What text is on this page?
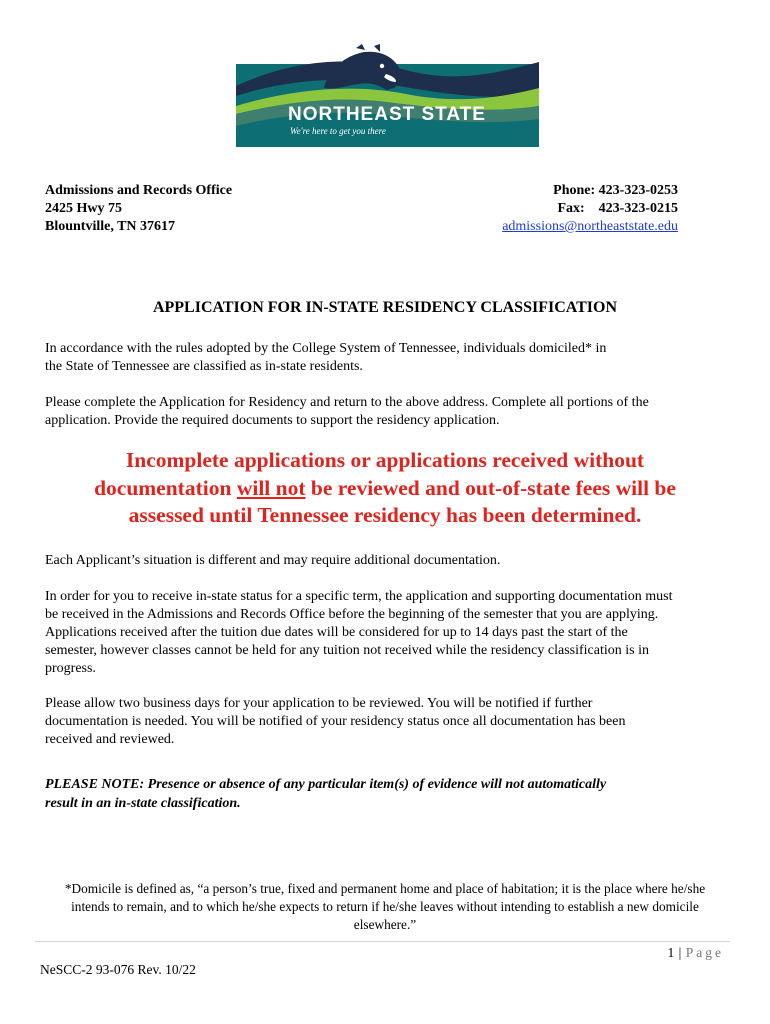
NORTHEAST STATE
We're here to get you there
Admissions and Records Office
2425 Hwy 75
Blountville, TN 37617
Phone: 423-323-0253
Fax: 423-323-0215
admissions@northeaststate.edu
APPLICATION FOR IN-STATE RESIDENCY CLASSIFICATION
In accordance with the rules adopted by the College System of Tennessee, individuals domiciled* in
the State of Tennessee are classified as in-state residents.
Please complete the Application for Residency and return to the above address. Complete all portions of the
application. Provide the required documents to support the residency application.
Incomplete applications or applications received without
documentation will not be reviewed and out-of-state fees will be
assessed until Tennessee residency has been determined.
Each Applicant’s situation is different and may require additional documentation.
In order for you to receive in-state status for a specific term, the application and supporting documentation must
be received in the Admissions and Records Office before the beginning of the semester that you are applying.
Applications received after the tuition due dates will be considered for up to 14 days past the start of the
semester, however classes cannot be held for any tuition not received while the residency classification is in
progress.
Please allow two business days for your application to be reviewed. You will be notified if further
documentation is needed. You will be notified of your residency status once all documentation has been
received and reviewed.
PLEASE NOTE: Presence or absence of any particular item(s) of evidence will not automatically
result in an in-state classification.
*Domicile is defined as, “a person’s true, fixed and permanent home and place of habitation; it is the place where he/she
intends to remain, and to which he/she expects to return if he/she leaves without intending to establish a new domicile
elsewhere.”
1 | Page
NeSCC-2 93-076 Rev. 10/22
